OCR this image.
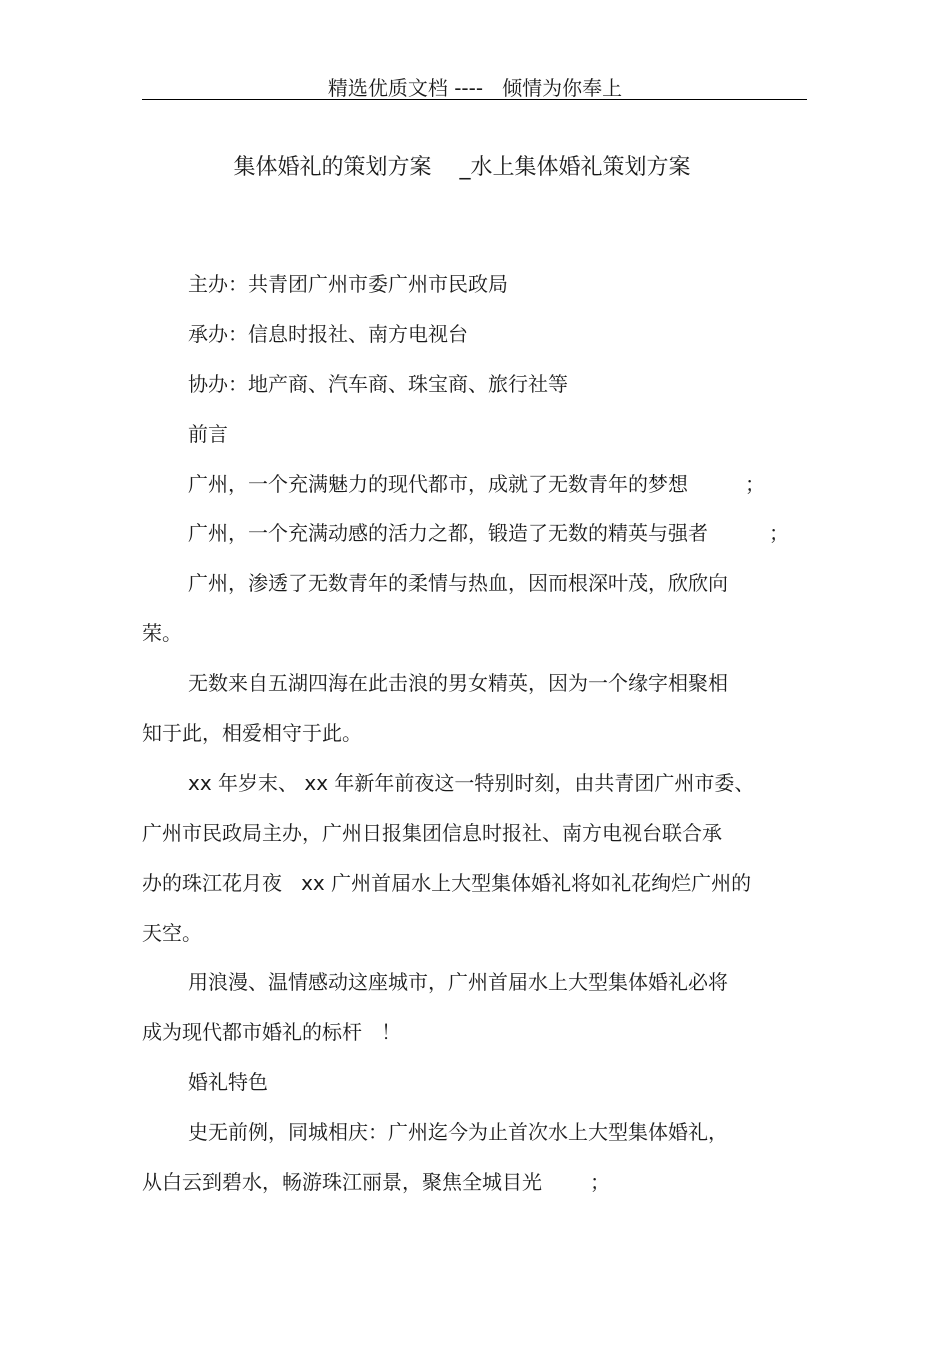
精选优质文档 ----   倾情为你奉上
集体婚礼的策划方案    _水上集体婚礼策划方案
主办：共青团广州市委广州市民政局
承办：信息时报社、南方电视台
协办：地产商、汽车商、珠宝商、旅行社等
前言
广州，一个充满魅力的现代都市，成就了无数青年的梦想	；
广州，一个充满动感的活力之都，锻造了无数的精英与强者	；
广州，渗透了无数青年的柔情与热血，因而根深叶茂，欣欣向
荣。
无数来自五湖四海在此击浪的男女精英，因为一个缘字相聚相
知于此，相爱相守于此。
xx 年岁末、 xx 年新年前夜这一特别时刻，由共青团广州市委、
广州市民政局主办，广州日报集团信息时报社、南方电视台联合承
办的珠江花月夜   xx 广州首届水上大型集体婚礼将如礼花绚烂广州的
天空。
用浪漫、温情感动这座城市，广州首届水上大型集体婚礼必将
成为现代都市婚礼的标杆   ！
婚礼特色
史无前例，同城相庆：广州迄今为止首次水上大型集体婚礼，
从白云到碧水，畅游珠江丽景，聚焦全城目光 ；
